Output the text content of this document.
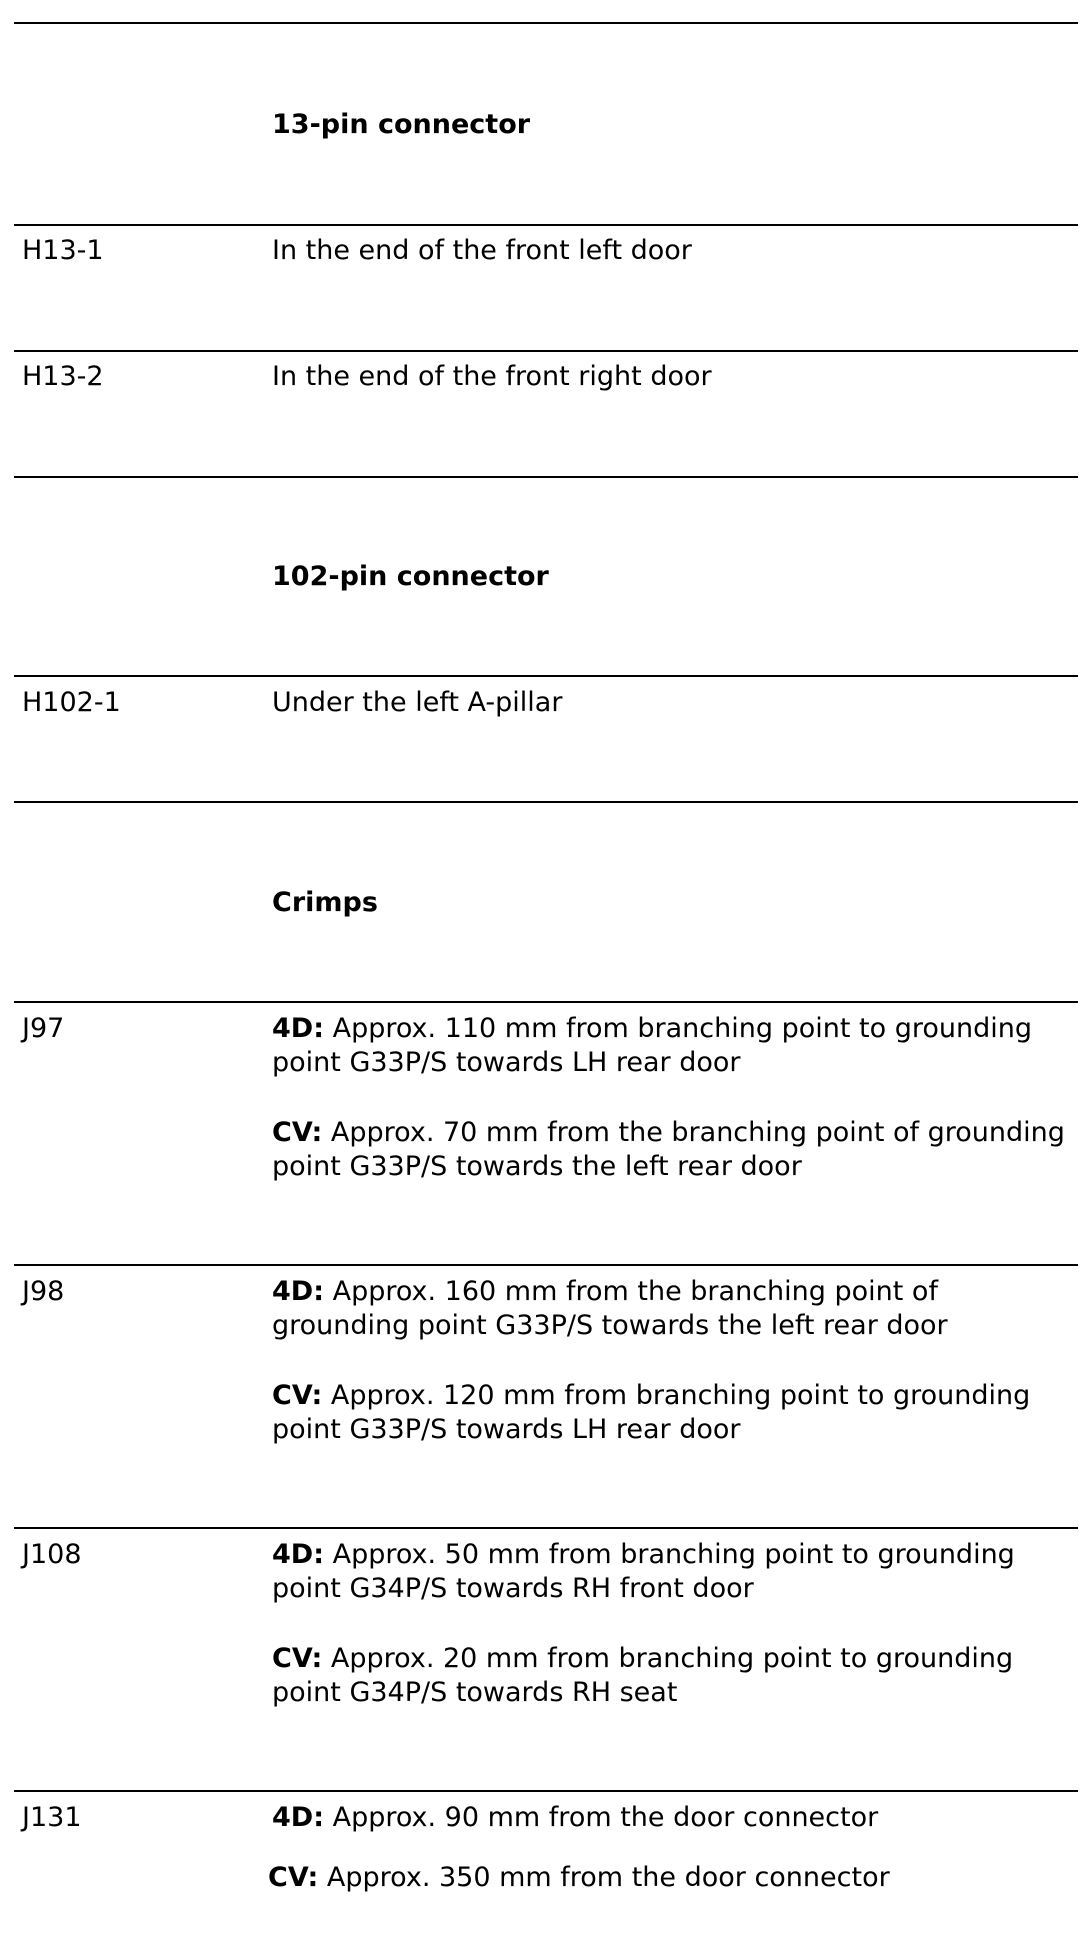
13-pin connector
H13-1	In the end of the front left door
H13-2	In the end of the front right door
102-pin connector
H102-1	Under the left A-pillar
Crimps
J97	4D: Approx. 110 mm from branching point to grounding point G33P/S towards LH rear door
CV: Approx. 70 mm from the branching point of grounding point G33P/S towards the left rear door
J98	4D: Approx. 160 mm from the branching point of grounding point G33P/S towards the left rear door
CV: Approx. 120 mm from branching point to grounding point G33P/S towards LH rear door
J108	4D: Approx. 50 mm from branching point to grounding point G34P/S towards RH front door
CV: Approx. 20 mm from branching point to grounding point G34P/S towards RH seat
J131	4D: Approx. 90 mm from the door connector
CV: Approx. 350 mm from the door connector
